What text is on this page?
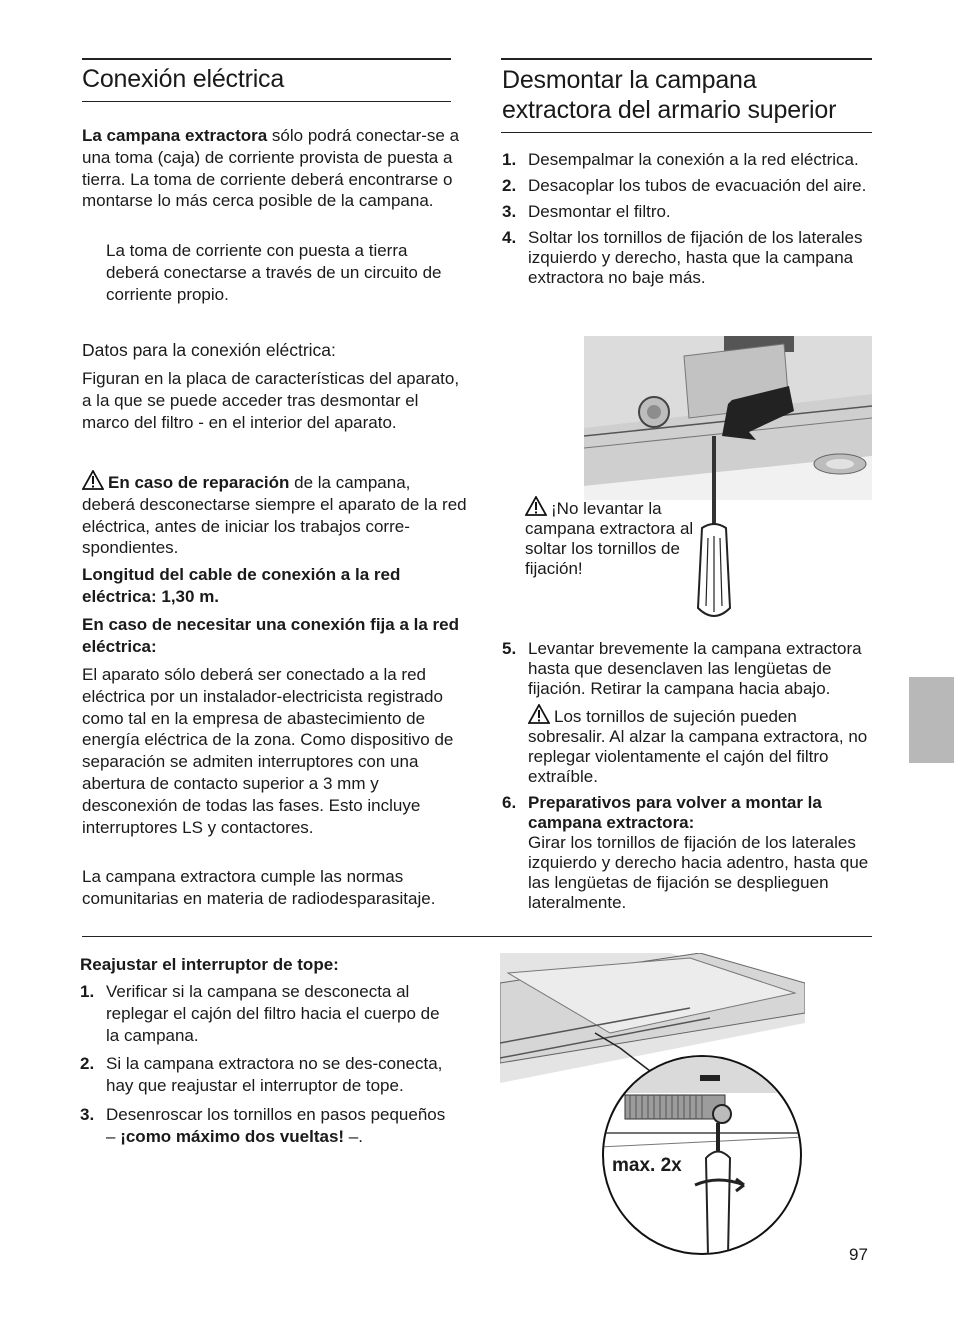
Conexión eléctrica

La campana extractora sólo podrá conectar-se a una toma (caja) de corriente provista de puesta a tierra. La toma de corriente deberá encontrarse o montarse lo más cerca posible de la campana.

La toma de corriente con puesta a tierra deberá conectarse a través de un circuito de corriente propio.

Datos para la conexión eléctrica:

Figuran en la placa de características del aparato, a la que se puede acceder tras desmontar el marco del filtro - en el interior del aparato.

En caso de reparación de la campana, deberá desconectarse siempre el aparato de la red eléctrica, antes de iniciar los trabajos corre-spondientes.

Longitud del cable de conexión a la red eléctrica: 1,30 m.

En caso de necesitar una conexión fija a la red eléctrica:

El aparato sólo deberá ser conectado a la red eléctrica por un instalador-electricista registrado como tal en la empresa de abastecimiento de energía eléctrica de la zona. Como dispositivo de separación se admiten interruptores con una abertura de contacto superior a 3 mm y desconexión de todas las fases. Esto incluye interruptores LS y contactores.

La campana extractora cumple las normas comunitarias en materia de radiodesparasitaje.

Desmontar la campana extractora del armario superior
1. Desempalmar la conexión a la red eléctrica.
2. Desacoplar los tubos de evacuación del aire.
3. Desmontar el filtro.
4. Soltar los tornillos de fijación de los laterales izquierdo y derecho, hasta que la campana extractora no baje más.
¡No levantar la campana extractora al soltar los tornillos de fijación!
5. Levantar brevemente la campana extractora hasta que desenclaven las lengüetas de fijación. Retirar la campana hacia abajo.
Los tornillos de sujeción pueden sobresalir. Al alzar la campana extractora, no replegar violentamente el cajón del filtro extraíble.
6. Preparativos para volver a montar la campana extractora:
Girar los tornillos de fijación de los laterales izquierdo y derecho hacia adentro, hasta que las lengüetas de fijación se desplieguen lateralmente.
Reajustar el interruptor de tope:
1. Verificar si la campana se desconecta al replegar el cajón del filtro hacia el cuerpo de la campana.
2. Si la campana extractora no se des-conecta, hay que reajustar el interruptor de tope.
3. Desenroscar los tornillos en pasos pequeños – ¡como máximo dos vueltas! –.
max. 2x
97
